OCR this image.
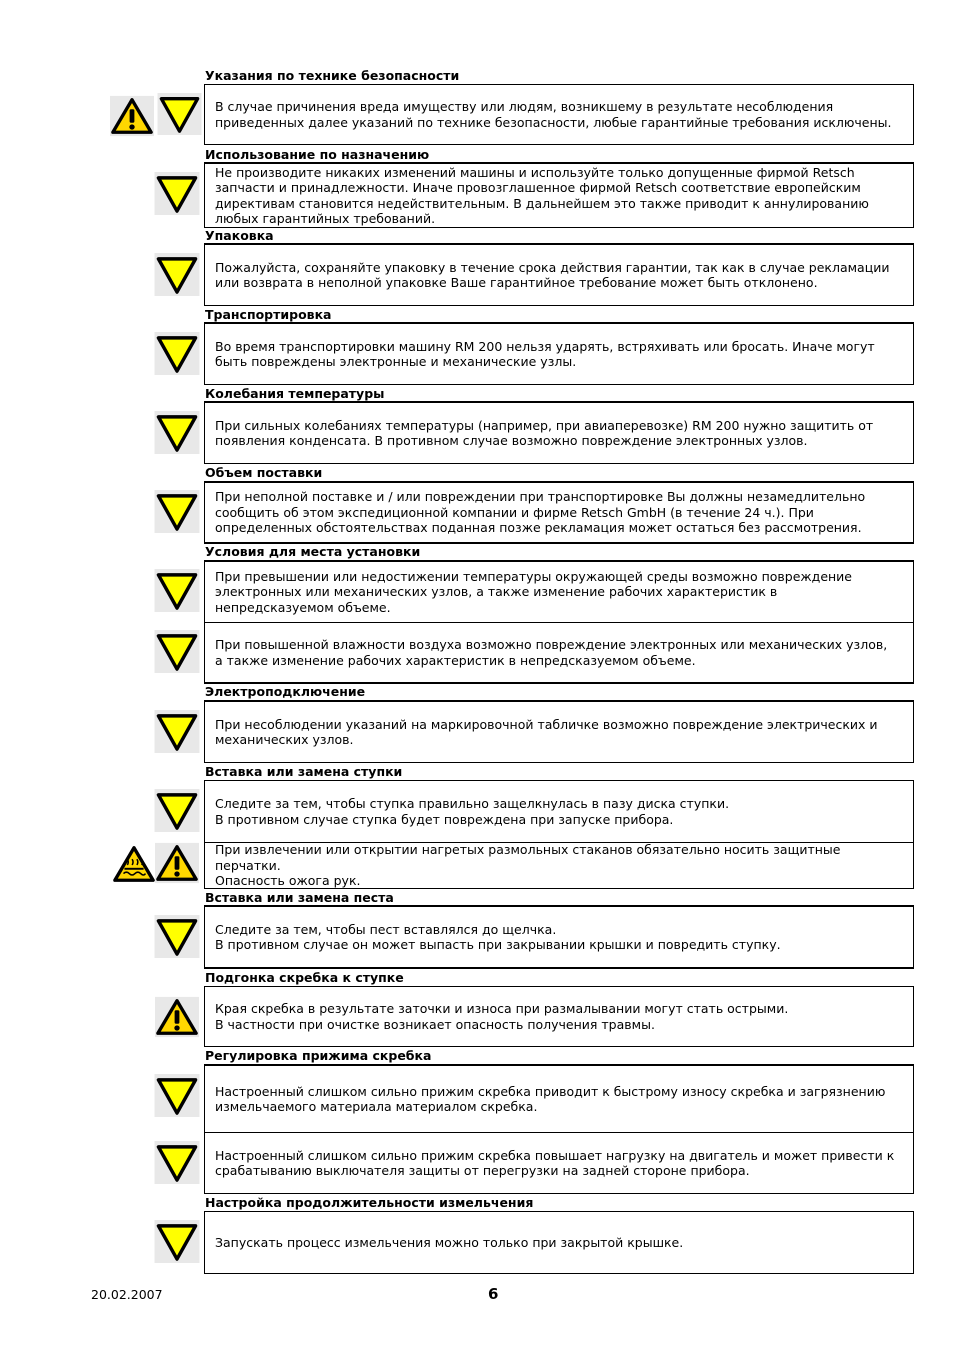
Указания по технике безопасности
В случае причинения вреда имуществу или людям, возникшему в результате несоблюдения
приведенных далее указаний по технике безопасности, любые гарантийные требования исключены.
Использование по назначению
Не производите никаких изменений машины и используйте только допущенные фирмой Retsch
запчасти и принадлежности. Иначе провозглашенное фирмой Retsch соответствие европейским
директивам становится недействительным. В дальнейшем это также приводит к аннулированию
любых гарантийных требований.
Упаковка
Пожалуйста, сохраняйте упаковку в течение срока действия гарантии, так как в случае рекламации
или возврата в неполной упаковке Ваше гарантийное требование может быть отклонено.
Транспортировка
Во время транспортировки машину RM 200 нельзя ударять, встряхивать или бросать. Иначе могут
быть повреждены электронные и механические узлы.
Колебания температуры
При сильных колебаниях температуры (например, при авиаперевозке) RM 200 нужно защитить от
появления конденсата. В противном случае возможно повреждение электронных узлов.
Объем поставки
При неполной поставке и / или повреждении при транспортировке Вы должны незамедлительно
сообщить об этом экспедиционной компании и фирме Retsch GmbH (в течение 24 ч.). При
определенных обстоятельствах поданная позже рекламация может остаться без рассмотрения.
Условия для места установки
При превышении или недостижении температуры окружающей среды возможно повреждение
электронных или механических узлов, а также изменение рабочих характеристик в
непредсказуемом объеме.
При повышенной влажности воздуха возможно повреждение электронных или механических узлов,
а также изменение рабочих характеристик в непредсказуемом объеме.
Электроподключение
При несоблюдении указаний на маркировочной табличке возможно повреждение электрических и
механических узлов.
Вставка или замена ступки
Следите за тем, чтобы ступка правильно защелкнулась в пазу диска ступки.
В противном случае ступка будет повреждена при запуске прибора.
При извлечении или открытии нагретых размольных стаканов обязательно носить защитные
перчатки.
Опасность ожога рук.
Вставка или замена песта
Следите за тем, чтобы пест вставлялся до щелчка.
В противном случае он может выпасть при закрывании крышки и повредить ступку.
Подгонка скребка к ступке
Края скребка в результате заточки и износа при размалывании могут стать острыми.
В частности при очистке возникает опасность получения травмы.
Регулировка прижима скребка
Настроенный слишком сильно прижим скребка приводит к быстрому износу скребка и загрязнению
измельчаемого материала материалом скребка.
Настроенный слишком сильно прижим скребка повышает нагрузку на двигатель и может привести к
срабатыванию выключателя защиты от перегрузки на задней стороне прибора.
Настройка продолжительности измельчения
Запускать процесс измельчения можно только при закрытой крышке.
20.02.2007	6
